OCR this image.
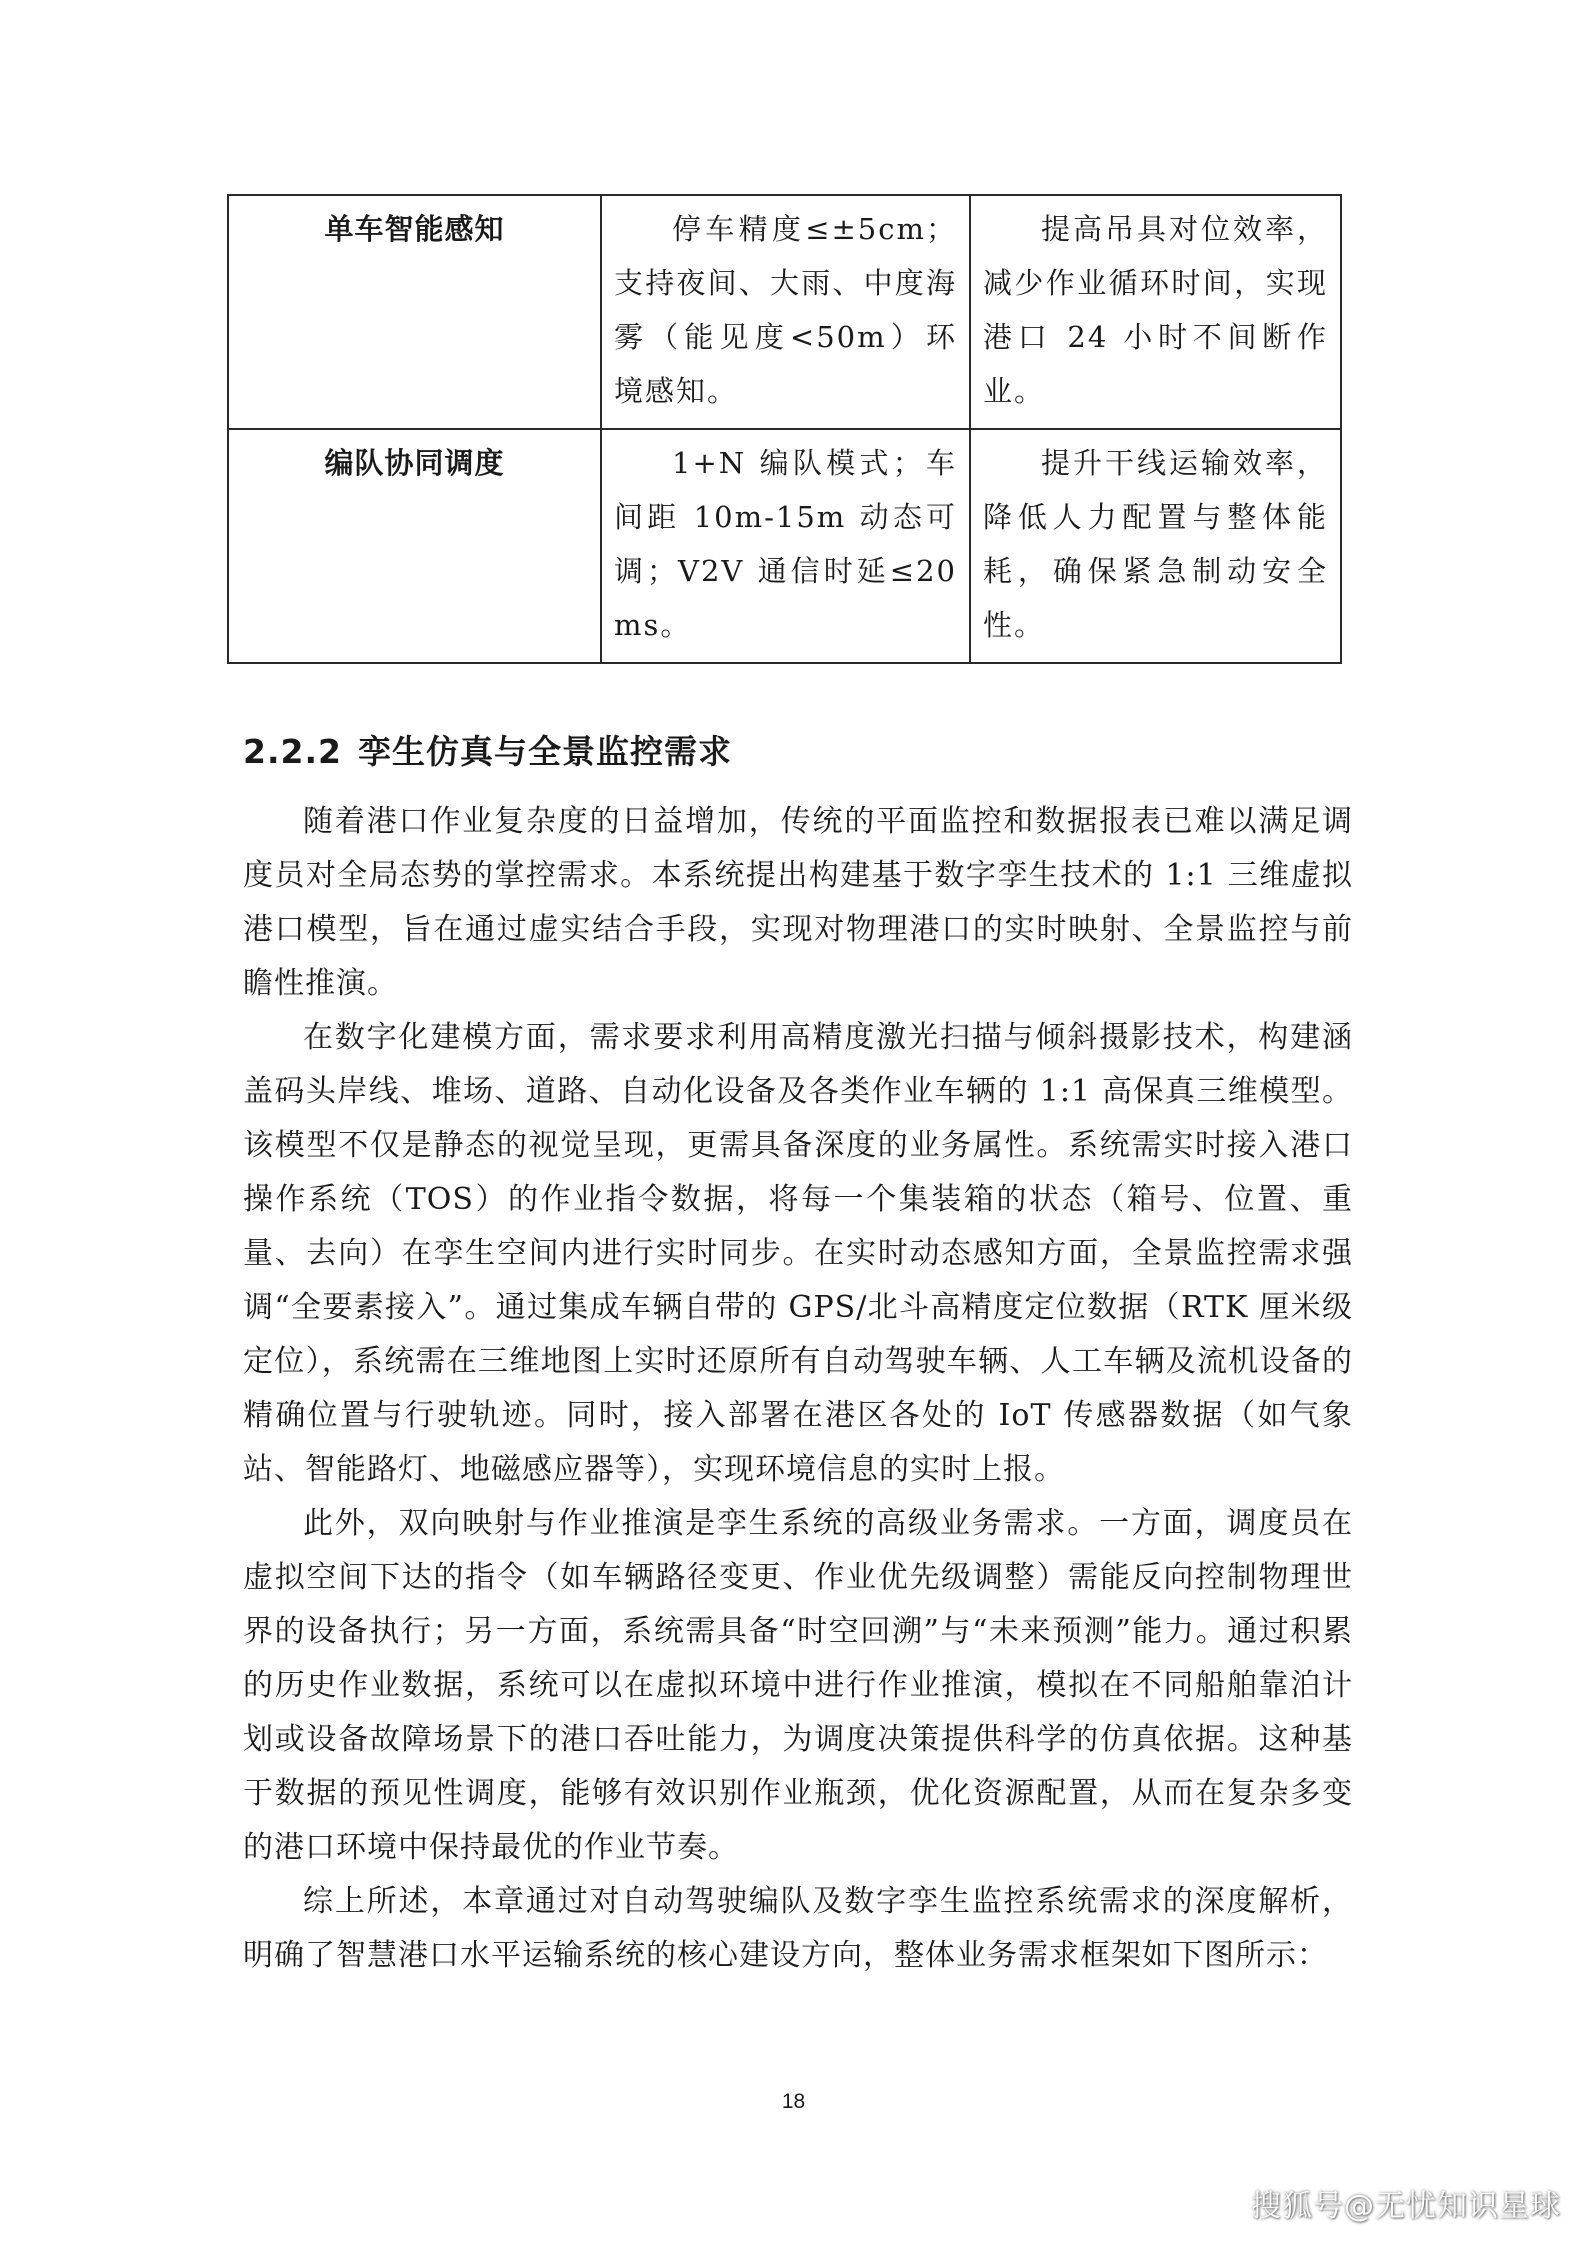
单车智能感知	停车精度≤±5cm；支持夜间、大雨、中度海雾（能见度<50m）环境感知。	提高吊具对位效率，减少作业循环时间，实现港口 24 小时不间断作业。
编队协同调度	1+N 编队模式；车间距 10m-15m 动态可调；V2V 通信时延≤20ms。	提升干线运输效率，降低人力配置与整体能耗，确保紧急制动安全性。
2.2.2 孪生仿真与全景监控需求

随着港口作业复杂度的日益增加，传统的平面监控和数据报表已难以满足调度员对全局态势的掌控需求。本系统提出构建基于数字孪生技术的 1:1 三维虚拟港口模型，旨在通过虚实结合手段，实现对物理港口的实时映射、全景监控与前瞻性推演。

在数字化建模方面，需求要求利用高精度激光扫描与倾斜摄影技术，构建涵盖码头岸线、堆场、道路、自动化设备及各类作业车辆的 1:1 高保真三维模型。该模型不仅是静态的视觉呈现，更需具备深度的业务属性。系统需实时接入港口操作系统（TOS）的作业指令数据，将每一个集装箱的状态（箱号、位置、重量、去向）在孪生空间内进行实时同步。在实时动态感知方面，全景监控需求强调“全要素接入”。通过集成车辆自带的 GPS/北斗高精度定位数据（RTK 厘米级定位），系统需在三维地图上实时还原所有自动驾驶车辆、人工车辆及流机设备的精确位置与行驶轨迹。同时，接入部署在港区各处的 IoT 传感器数据（如气象站、智能路灯、地磁感应器等），实现环境信息的实时上报。

此外，双向映射与作业推演是孪生系统的高级业务需求。一方面，调度员在虚拟空间下达的指令（如车辆路径变更、作业优先级调整）需能反向控制物理世界的设备执行；另一方面，系统需具备“时空回溯”与“未来预测”能力。通过积累的历史作业数据，系统可以在虚拟环境中进行作业推演，模拟在不同船舶靠泊计划或设备故障场景下的港口吞吐能力，为调度决策提供科学的仿真依据。这种基于数据的预见性调度，能够有效识别作业瓶颈，优化资源配置，从而在复杂多变的港口环境中保持最优的作业节奏。

综上所述，本章通过对自动驾驶编队及数字孪生监控系统需求的深度解析，明确了智慧港口水平运输系统的核心建设方向，整体业务需求框架如下图所示：

18
搜狐号@无忧知识星球
